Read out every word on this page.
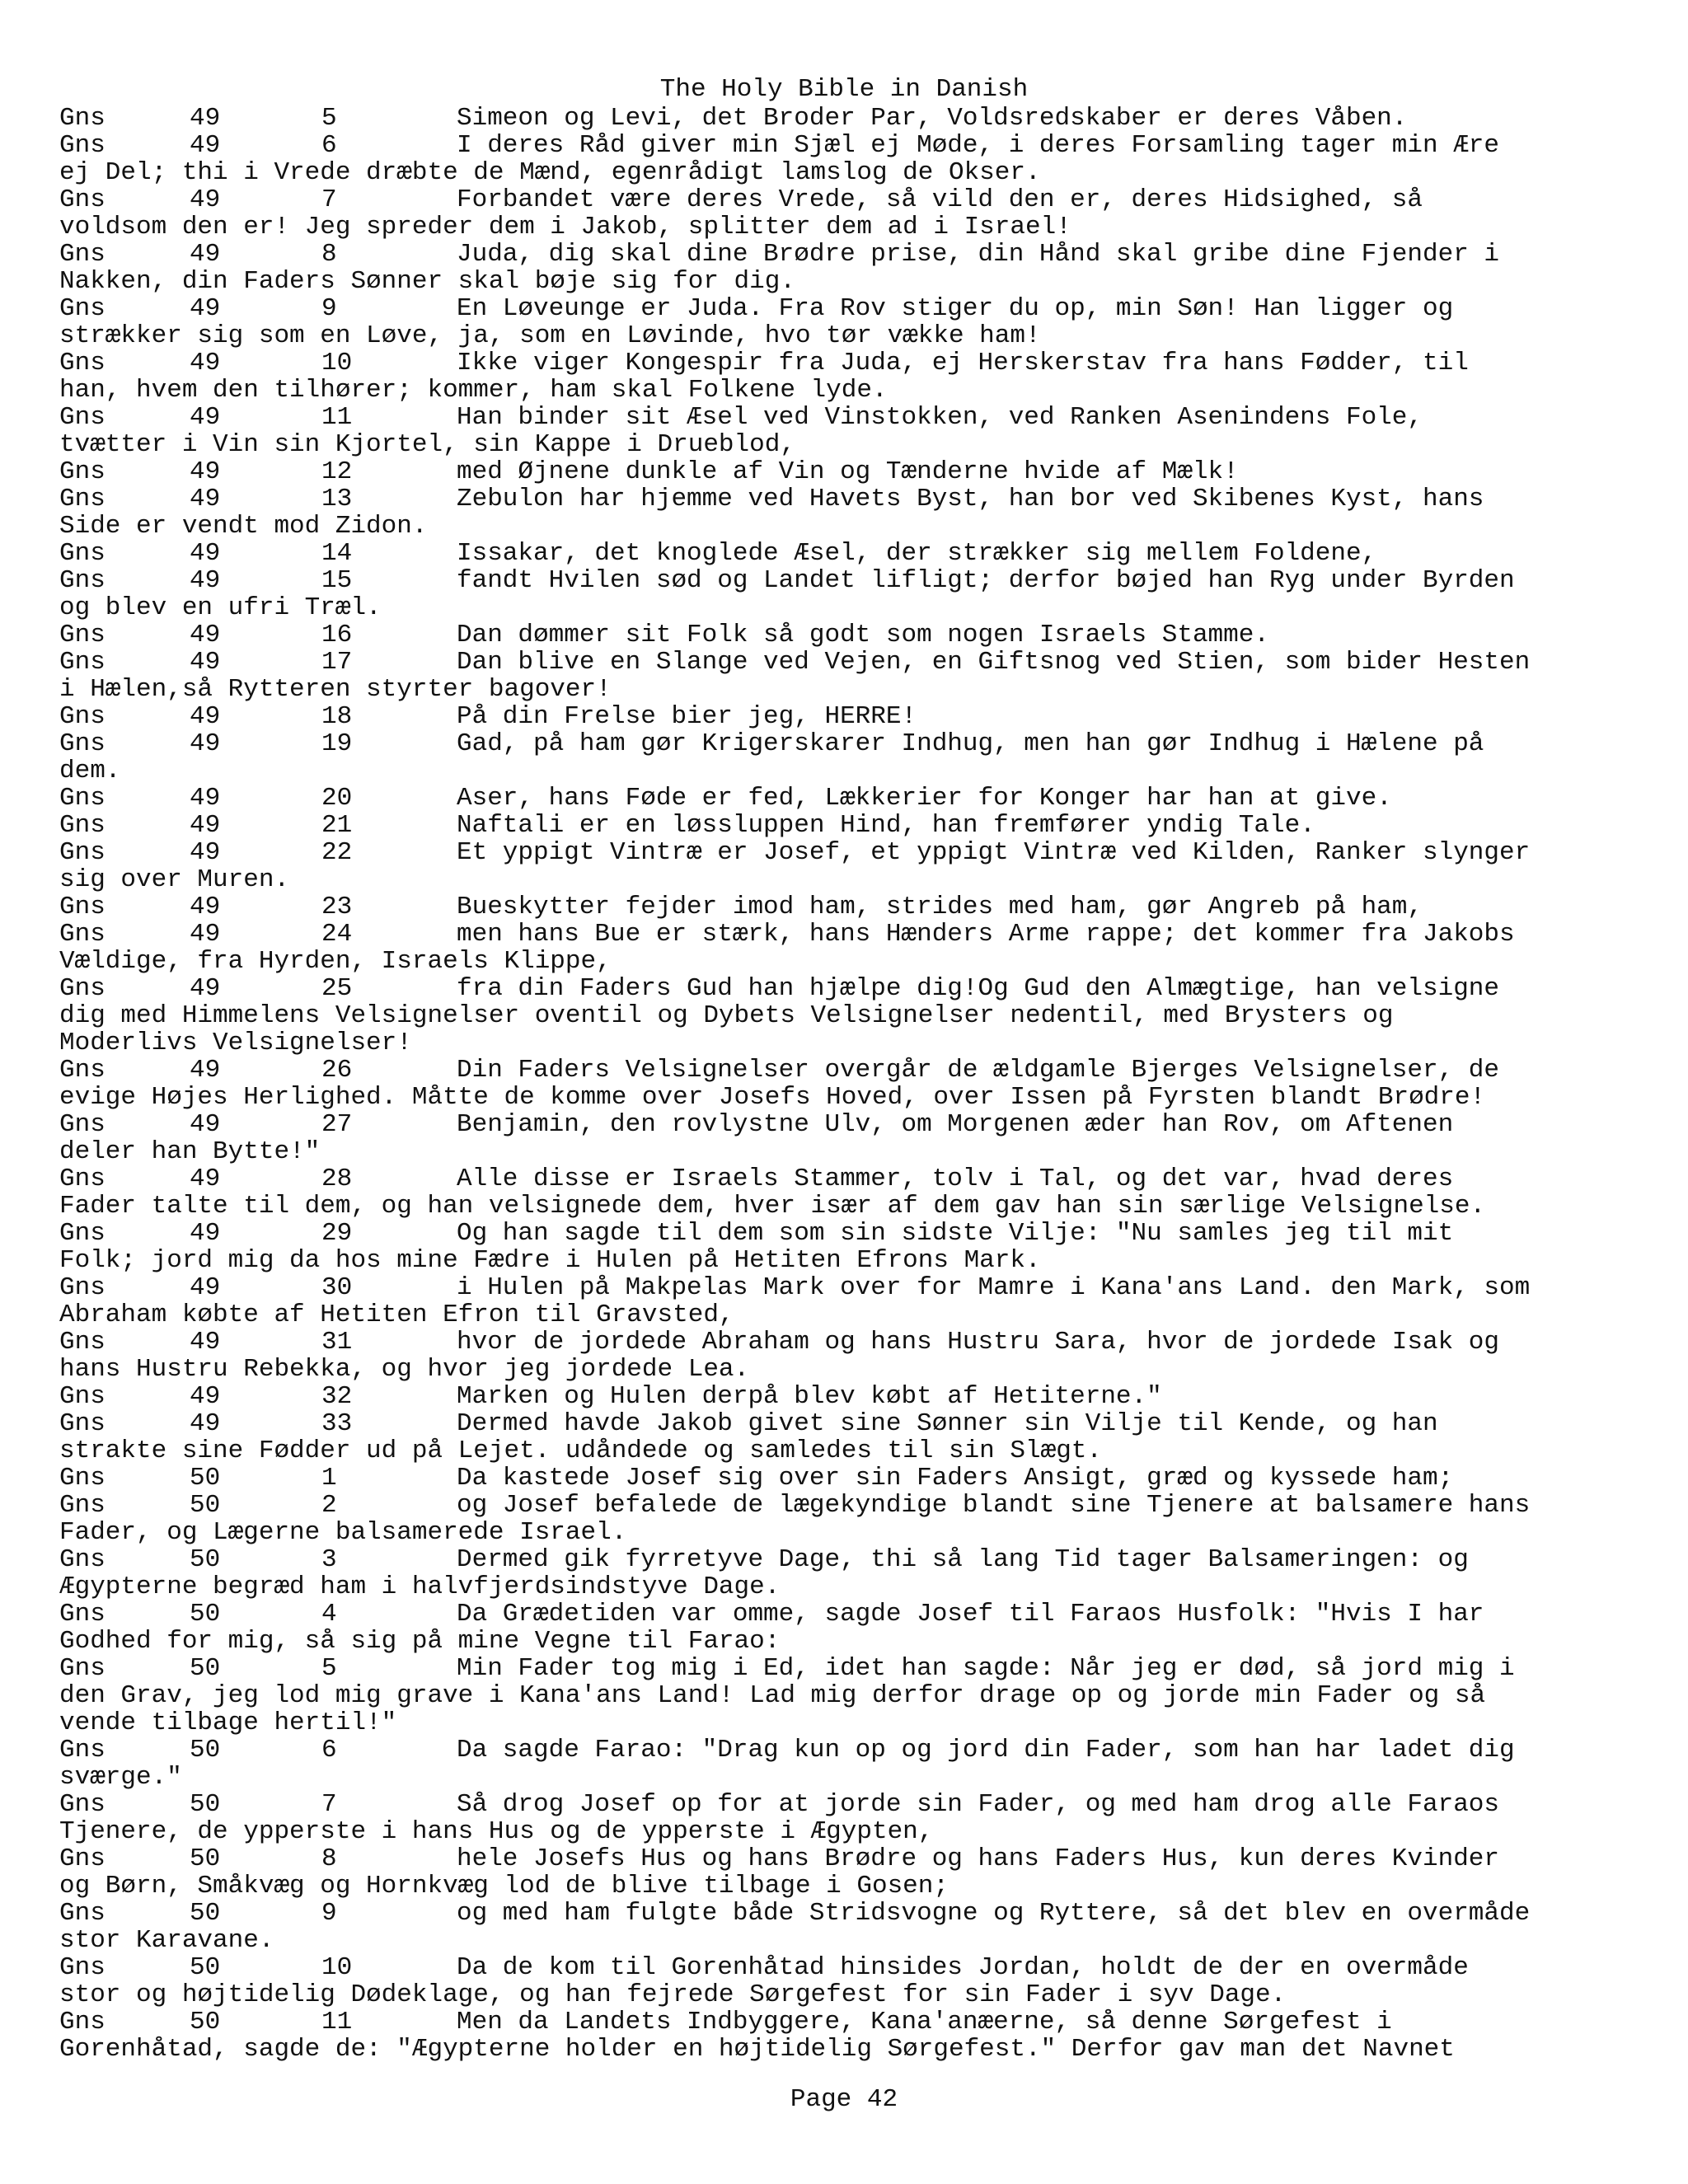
The Holy Bible in Danish
Gns	49	5	Simeon og Levi, det Broder Par, Voldsredskaber er deres Våben.
Gns	49	6	I deres Råd giver min Sjæl ej Møde, i deres Forsamling tager min Ære
ej Del; thi i Vrede dræbte de Mænd, egenrådigt lamslog de Okser.
Gns	49	7	Forbandet være deres Vrede, så vild den er, deres Hidsighed, så
voldsom den er! Jeg spreder dem i Jakob, splitter dem ad i Israel!
Gns	49	8	Juda, dig skal dine Brødre prise, din Hånd skal gribe dine Fjender i
Nakken, din Faders Sønner skal bøje sig for dig.
Gns	49	9	En Løveunge er Juda. Fra Rov stiger du op, min Søn! Han ligger og
strækker sig som en Løve, ja, som en Løvinde, hvo tør vække ham!
Gns	49	10	Ikke viger Kongespir fra Juda, ej Herskerstav fra hans Fødder, til
han, hvem den tilhører; kommer, ham skal Folkene lyde.
Gns	49	11	Han binder sit Æsel ved Vinstokken, ved Ranken Asenindens Fole,
tvætter i Vin sin Kjortel, sin Kappe i Drueblod,
Gns	49	12	med Øjnene dunkle af Vin og Tænderne hvide af Mælk!
Gns	49	13	Zebulon har hjemme ved Havets Byst, han bor ved Skibenes Kyst, hans
Side er vendt mod Zidon.
Gns	49	14	Issakar, det knoglede Æsel, der strækker sig mellem Foldene,
Gns	49	15	fandt Hvilen sød og Landet lifligt; derfor bøjed han Ryg under Byrden
og blev en ufri Træl.
Gns	49	16	Dan dømmer sit Folk så godt som nogen Israels Stamme.
Gns	49	17	Dan blive en Slange ved Vejen, en Giftsnog ved Stien, som bider Hesten
i Hælen,så Rytteren styrter bagover!
Gns	49	18	På din Frelse bier jeg, HERRE!
Gns	49	19	Gad, på ham gør Krigerskarer Indhug, men han gør Indhug i Hælene på
dem.
Gns	49	20	Aser, hans Føde er fed, Lækkerier for Konger har han at give.
Gns	49	21	Naftali er en løssluppen Hind, han fremfører yndig Tale.
Gns	49	22	Et yppigt Vintræ er Josef, et yppigt Vintræ ved Kilden, Ranker slynger
sig over Muren.
Gns	49	23	Bueskytter fejder imod ham, strides med ham, gør Angreb på ham,
Gns	49	24	men hans Bue er stærk, hans Hænders Arme rappe; det kommer fra Jakobs
Vældige, fra Hyrden, Israels Klippe,
Gns	49	25	fra din Faders Gud han hjælpe dig!Og Gud den Almægtige, han velsigne
dig med Himmelens Velsignelser oventil og Dybets Velsignelser nedentil, med Brysters og
Moderlivs Velsignelser!
Gns	49	26	Din Faders Velsignelser overgår de ældgamle Bjerges Velsignelser, de
evige Højes Herlighed. Måtte de komme over Josefs Hoved, over Issen på Fyrsten blandt Brødre!
Gns	49	27	Benjamin, den rovlystne Ulv, om Morgenen æder han Rov, om Aftenen
deler han Bytte!"
Gns	49	28	Alle disse er Israels Stammer, tolv i Tal, og det var, hvad deres
Fader talte til dem, og han velsignede dem, hver især af dem gav han sin særlige Velsignelse.
Gns	49	29	Og han sagde til dem som sin sidste Vilje: "Nu samles jeg til mit
Folk; jord mig da hos mine Fædre i Hulen på Hetiten Efrons Mark.
Gns	49	30	i Hulen på Makpelas Mark over for Mamre i Kana'ans Land. den Mark, som
Abraham købte af Hetiten Efron til Gravsted,
Gns	49	31	hvor de jordede Abraham og hans Hustru Sara, hvor de jordede Isak og
hans Hustru Rebekka, og hvor jeg jordede Lea.
Gns	49	32	Marken og Hulen derpå blev købt af Hetiterne."
Gns	49	33	Dermed havde Jakob givet sine Sønner sin Vilje til Kende, og han
strakte sine Fødder ud på Lejet. udåndede og samledes til sin Slægt.
Gns	50	1	Da kastede Josef sig over sin Faders Ansigt, græd og kyssede ham;
Gns	50	2	og Josef befalede de lægekyndige blandt sine Tjenere at balsamere hans
Fader, og Lægerne balsamerede Israel.
Gns	50	3	Dermed gik fyrretyve Dage, thi så lang Tid tager Balsameringen: og
Ægypterne begræd ham i halvfjerdsindstyve Dage.
Gns	50	4	Da Grædetiden var omme, sagde Josef til Faraos Husfolk: "Hvis I har
Godhed for mig, så sig på mine Vegne til Farao:
Gns	50	5	Min Fader tog mig i Ed, idet han sagde: Når jeg er død, så jord mig i
den Grav, jeg lod mig grave i Kana'ans Land! Lad mig derfor drage op og jorde min Fader og så
vende tilbage hertil!"
Gns	50	6	Da sagde Farao: "Drag kun op og jord din Fader, som han har ladet dig
sværge."
Gns	50	7	Så drog Josef op for at jorde sin Fader, og med ham drog alle Faraos
Tjenere, de ypperste i hans Hus og de ypperste i Ægypten,
Gns	50	8	hele Josefs Hus og hans Brødre og hans Faders Hus, kun deres Kvinder
og Børn, Småkvæg og Hornkvæg lod de blive tilbage i Gosen;
Gns	50	9	og med ham fulgte både Stridsvogne og Ryttere, så det blev en overmåde
stor Karavane.
Gns	50	10	Da de kom til Gorenhåtad hinsides Jordan, holdt de der en overmåde
stor og højtidelig Dødeklage, og han fejrede Sørgefest for sin Fader i syv Dage.
Gns	50	11	Men da Landets Indbyggere, Kana'anæerne, så denne Sørgefest i
Gorenhåtad, sagde de: "Ægypterne holder en højtidelig Sørgefest." Derfor gav man det Navnet
Page 42
